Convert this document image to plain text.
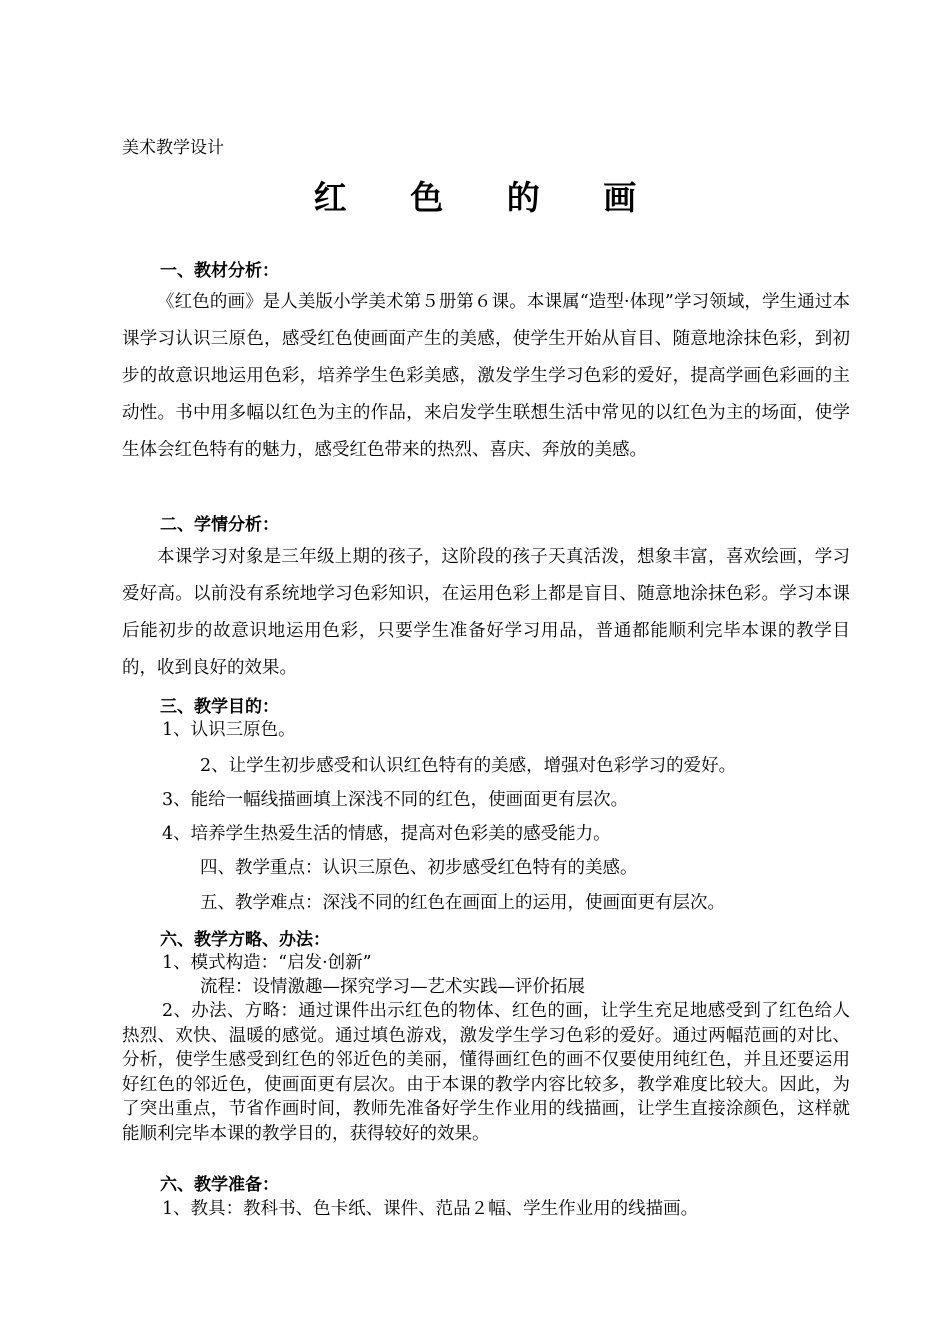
美术教学设计
红 色 的 画
一、教材分析：
《红色的画》是人美版小学美术第５册第６课。本课属“造型·体现”学习领域，学生通过本课学习认识三原色，感受红色使画面产生的美感，使学生开始从盲目、随意地涂抹色彩，到初步的故意识地运用色彩，培养学生色彩美感，激发学生学习色彩的爱好，提高学画色彩画的主动性。书中用多幅以红色为主的作品，来启发学生联想生活中常见的以红色为主的场面，使学生体会红色特有的魅力，感受红色带来的热烈、喜庆、奔放的美感。
二、学情分析：
本课学习对象是三年级上期的孩子，这阶段的孩子天真活泼，想象丰富，喜欢绘画，学习爱好高。以前没有系统地学习色彩知识，在运用色彩上都是盲目、随意地涂抹色彩。学习本课后能初步的故意识地运用色彩，只要学生准备好学习用品，普通都能顺利完毕本课的教学目的，收到良好的效果。
三、教学目的：
1、认识三原色。
2、让学生初步感受和认识红色特有的美感，增强对色彩学习的爱好。
3、能给一幅线描画填上深浅不同的红色，使画面更有层次。
4、培养学生热爱生活的情感，提高对色彩美的感受能力。
四、教学重点：认识三原色、初步感受红色特有的美感。
五、教学难点：深浅不同的红色在画面上的运用，使画面更有层次。
六、教学方略、办法：
1、模式构造：“启发·创新”
流程：设情激趣—探究学习—艺术实践—评价拓展
2、办法、方略：通过课件出示红色的物体、红色的画，让学生充足地感受到了红色给人热烈、欢快、温暖的感觉。通过填色游戏，激发学生学习色彩的爱好。通过两幅范画的对比、分析，使学生感受到红色的邻近色的美丽，懂得画红色的画不仅要使用纯红色，并且还要运用好红色的邻近色，使画面更有层次。由于本课的教学内容比较多，教学难度比较大。因此，为了突出重点，节省作画时间，教师先准备好学生作业用的线描画，让学生直接涂颜色，这样就能顺利完毕本课的教学目的，获得较好的效果。
六、教学准备：
1、教具：教科书、色卡纸、课件、范品２幅、学生作业用的线描画。
